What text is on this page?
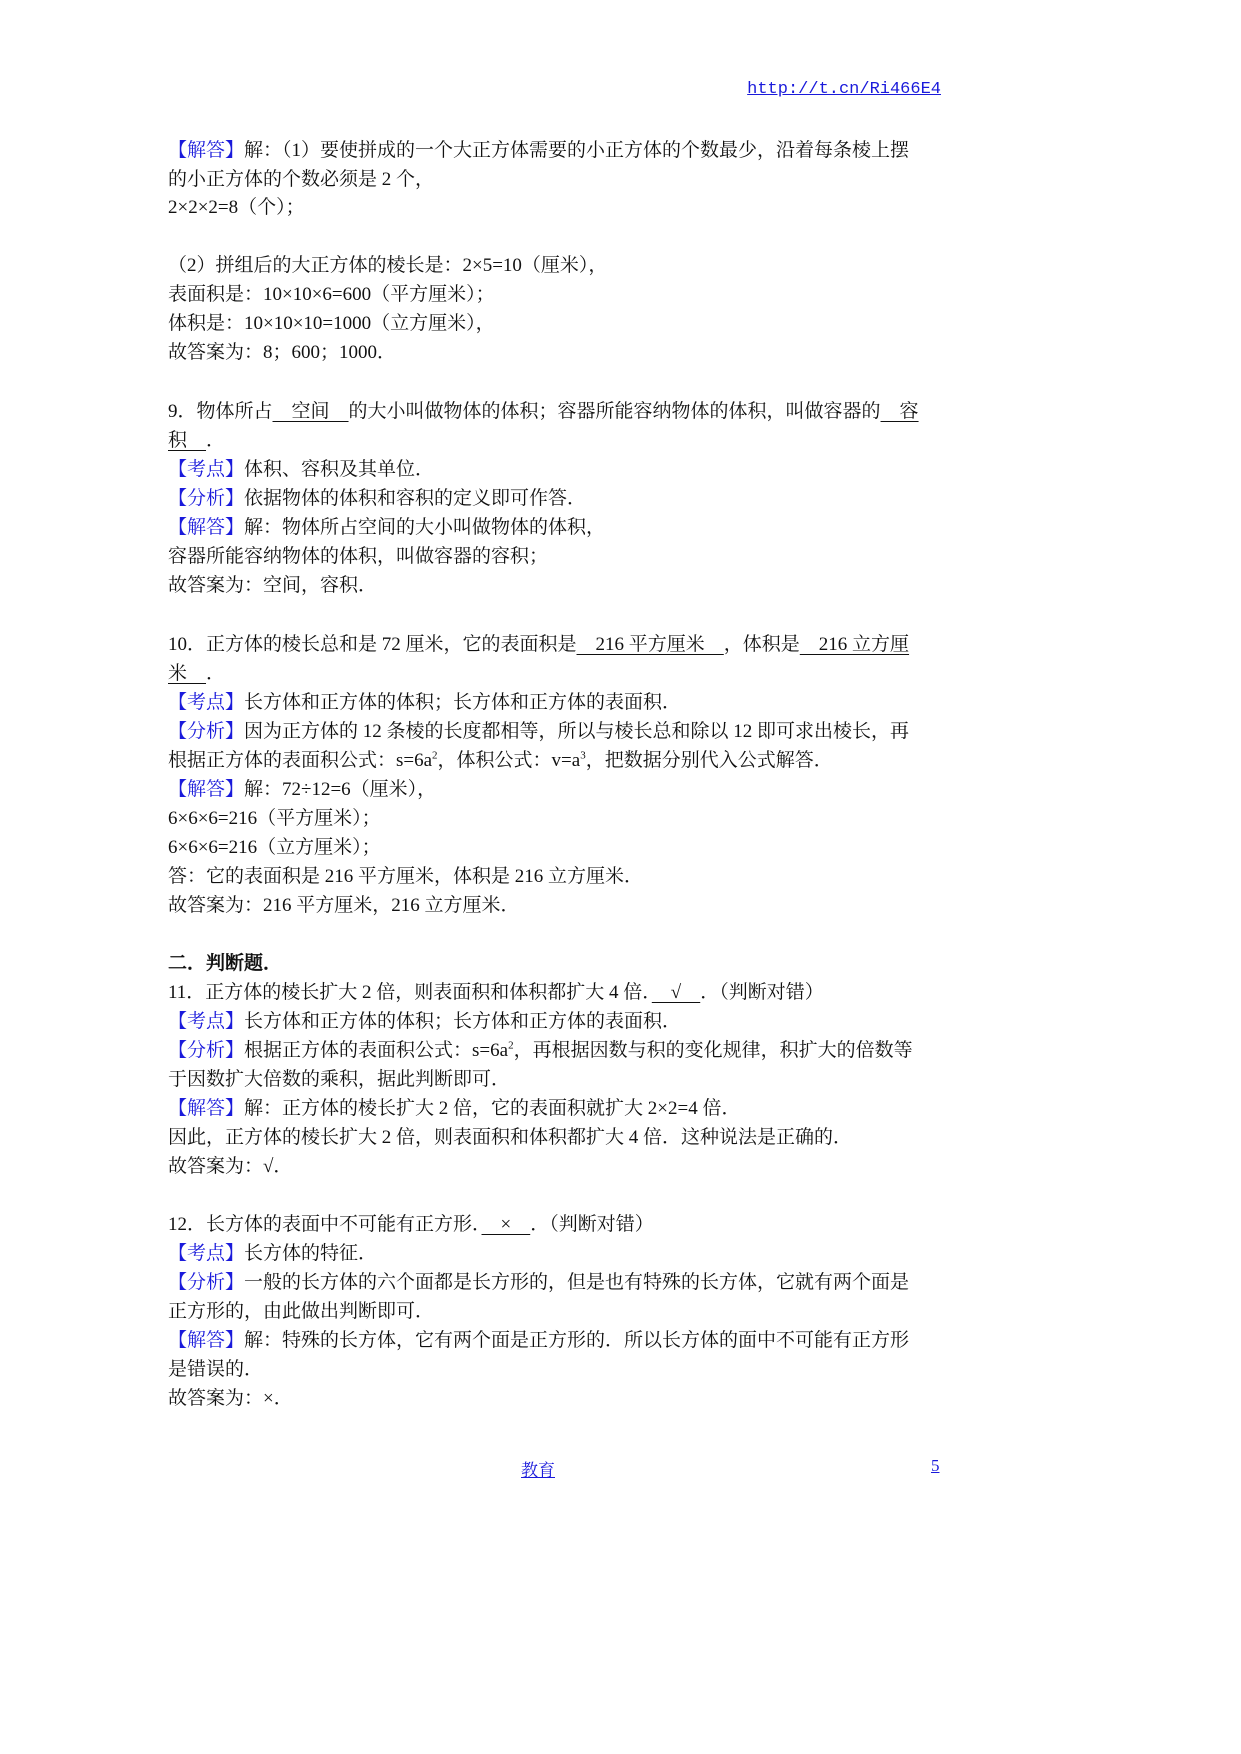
http://t.cn/Ri466E4
【解答】解：（1）要使拼成的一个大正方体需要的小正方体的个数最少，沿着每条棱上摆
的小正方体的个数必须是 2 个，
2×2×2=8（个）；
（2）拼组后的大正方体的棱长是：2×5=10（厘米），
表面积是：10×10×6=600（平方厘米）；
体积是：10×10×10=1000（立方厘米），
故答案为：8；600；1000．
9．物体所占　空间　的大小叫做物体的体积；容器所能容纳物体的体积，叫做容器的　容
积　．
【考点】体积、容积及其单位．
【分析】依据物体的体积和容积的定义即可作答．
【解答】解：物体所占空间的大小叫做物体的体积，
容器所能容纳物体的体积，叫做容器的容积；
故答案为：空间，容积．
10．正方体的棱长总和是 72 厘米，它的表面积是　216 平方厘米　，体积是　216 立方厘
米　．
【考点】长方体和正方体的体积；长方体和正方体的表面积．
【分析】因为正方体的 12 条棱的长度都相等，所以与棱长总和除以 12 即可求出棱长，再
根据正方体的表面积公式：$s=6a^2$，体积公式：$v=a^3$，把数据分别代入公式解答．
【解答】解：72÷12=6（厘米），
6×6×6=216（平方厘米）；
6×6×6=216（立方厘米）；
答：它的表面积是 216 平方厘米，体积是 216 立方厘米．
故答案为：216 平方厘米，216 立方厘米．
二．判断题．
11．正方体的棱长扩大 2 倍，则表面积和体积都扩大 4 倍．　√　．（判断对错）
【考点】长方体和正方体的体积；长方体和正方体的表面积．
【分析】根据正方体的表面积公式：$s=6a^2$，再根据因数与积的变化规律，积扩大的倍数等
于因数扩大倍数的乘积，据此判断即可．
【解答】解：正方体的棱长扩大 2 倍，它的表面积就扩大 2×2=4 倍．
因此，正方体的棱长扩大 2 倍，则表面积和体积都扩大 4 倍．这种说法是正确的．
故答案为：√．
12．长方体的表面中不可能有正方形．　×　．（判断对错）
【考点】长方体的特征．
【分析】一般的长方体的六个面都是长方形的，但是也有特殊的长方体，它就有两个面是
正方形的，由此做出判断即可．
【解答】解：特殊的长方体，它有两个面是正方形的．所以长方体的面中不可能有正方形
是错误的．
故答案为：×．
教育	5
